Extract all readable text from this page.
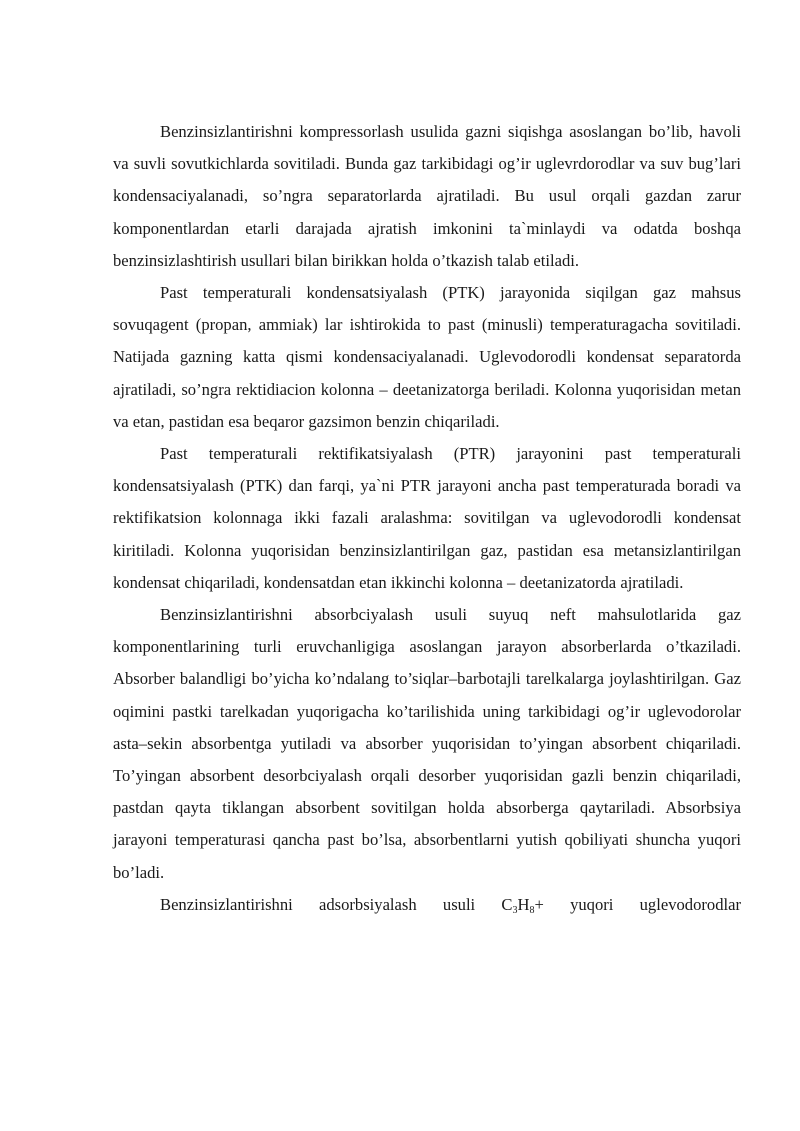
Benzinsizlantirishni kompressorlash usulida gazni siqishga asoslangan bo’lib, havoli va suvli sovutkichlarda sovitiladi. Bunda gaz tarkibidagi og’ir uglevrdorodlar va suv bug’lari kondensaciyalanadi, so’ngra separatorlarda ajratiladi. Bu usul orqali gazdan zarur komponentlardan etarli darajada ajratish imkonini ta`minlaydi va odatda boshqa benzinsizlashtirish usullari bilan birikkan holda o’tkazish talab etiladi.

Past temperaturali kondensatsiyalash (PTK) jarayonida siqilgan gaz mahsus sovuqagent (propan, ammiak) lar ishtirokida to past (minusli) temperaturagacha sovitiladi. Natijada gazning katta qismi kondensaciyalanadi. Uglevodorodli kondensat separatorda ajratiladi, so’ngra rektidiacion kolonna – deetanizatorga beriladi. Kolonna yuqorisidan metan va etan, pastidan esa beqaror gazsimon benzin chiqariladi.

Past temperaturali rektifikatsiyalash (PTR) jarayonini past temperaturali kondensatsiyalash (PTK) dan farqi, ya`ni PTR jarayoni ancha past temperaturada boradi va rektifikatsion kolonnaga ikki fazali aralashma: sovitilgan va uglevodorodli kondensat kiritiladi. Kolonna yuqorisidan benzinsizlantirilgan gaz, pastidan esa metansizlantirilgan kondensat chiqariladi, kondensatdan etan ikkinchi kolonna – deetanizatorda ajratiladi.

Benzinsizlantirishni absorbciyalash usuli suyuq neft mahsulotlarida gaz komponentlarining turli eruvchanligiga asoslangan jarayon absorberlarda o’tkaziladi. Absorber balandligi bo’yicha ko’ndalang to’siqlar–barbotajli tarelkalarga joylashtirilgan. Gaz oqimini pastki tarelkadan yuqorigacha ko’tarilishida uning tarkibidagi og’ir uglevodorolar asta–sekin absorbentga yutiladi va absorber yuqorisidan to’yingan absorbent chiqariladi. To’yingan absorbent desorbciyalash orqali desorber yuqorisidan gazli benzin chiqariladi, pastdan qayta tiklangan absorbent sovitilgan holda absorberga qaytariladi. Absorbsiya jarayoni temperaturasi qancha past bo’lsa, absorbentlarni yutish qobiliyati shuncha yuqori bo’ladi.

Benzinsizlantirishni adsorbsiyalash usuli $C_3H_8+$ yuqori uglevodorodlar
